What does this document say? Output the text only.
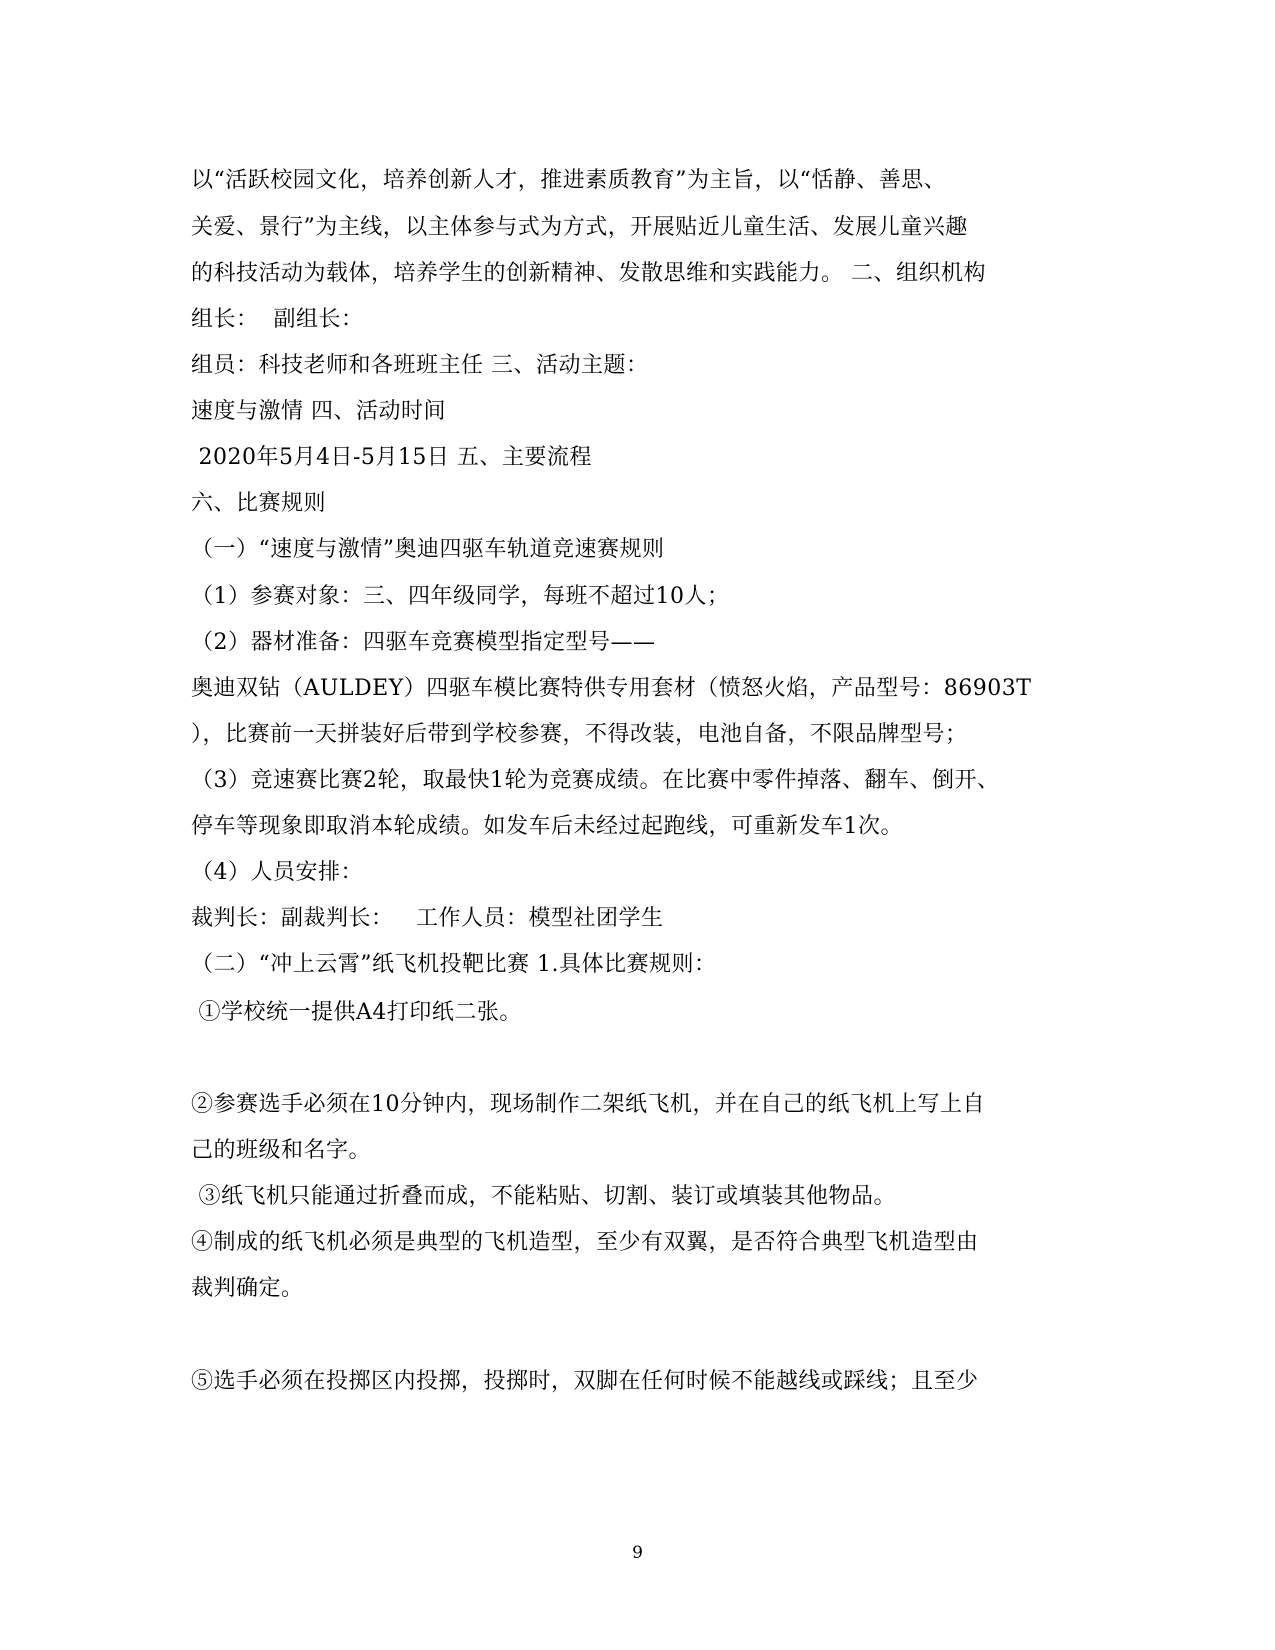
以“活跃校园文化，培养创新人才，推进素质教育”为主旨，以“恬静、善思、
关爱、景行”为主线，以主体参与式为方式，开展贴近儿童生活、发展儿童兴趣
的科技活动为载体，培养学生的创新精神、发散思维和实践能力。 二、组织机构
组长：  副组长：
组员：科技老师和各班班主任 三、活动主题：
速度与激情 四、活动时间
2020年5月4日-5月15日 五、主要流程
六、比赛规则
（一）“速度与激情”奥迪四驱车轨道竞速赛规则
（1）参赛对象：三、四年级同学，每班不超过10人；
（2）器材准备：四驱车竞赛模型指定型号——
奥迪双钻（AULDEY）四驱车模比赛特供专用套材（愤怒火焰，产品型号：86903T
），比赛前一天拼装好后带到学校参赛，不得改装，电池自备，不限品牌型号；
（3）竞速赛比赛2轮，取最快1轮为竞赛成绩。在比赛中零件掉落、翻车、倒开、
停车等现象即取消本轮成绩。如发车后未经过起跑线，可重新发车1次。
（4）人员安排：
裁判长：副裁判长：   工作人员：模型社团学生
（二）“冲上云霄”纸飞机投靶比赛 1.具体比赛规则：
①学校统一提供A4打印纸二张。
②参赛选手必须在10分钟内，现场制作二架纸飞机，并在自己的纸飞机上写上自
己的班级和名字。
③纸飞机只能通过折叠而成，不能粘贴、切割、装订或填装其他物品。
④制成的纸飞机必须是典型的飞机造型，至少有双翼，是否符合典型飞机造型由
裁判确定。
⑤选手必须在投掷区内投掷，投掷时，双脚在任何时候不能越线或踩线；且至少
9
